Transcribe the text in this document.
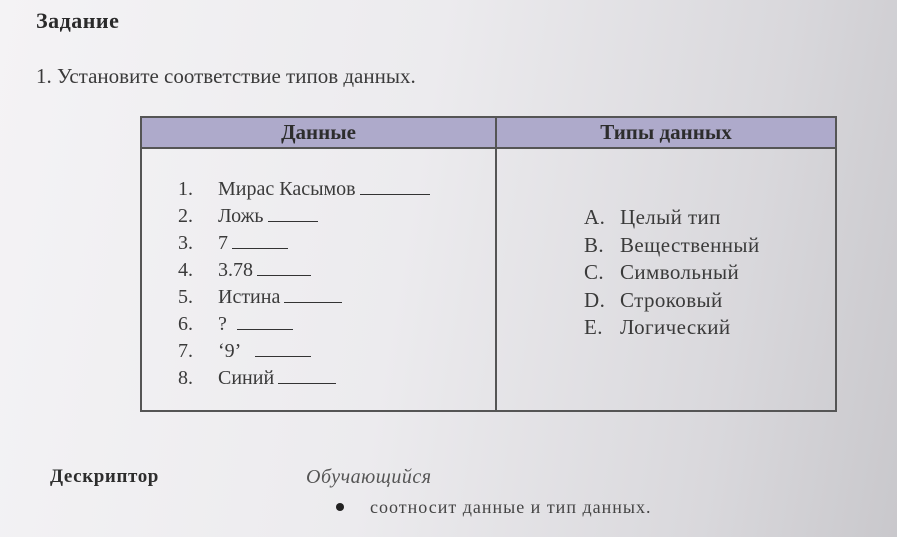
Задание
1. Установите соответствие типов данных.
Данные	Типы данных
1. Мирас Касымов
2. Ложь
3. 7
4. 3.78
5. Истина
6. ?
7. ‘9’
8. Синий
A. Целый тип
B. Вещественный
C. Символьный
D. Строковый
E. Логический
Дескриптор	Обучающийся
соотносит данные и тип данных.
